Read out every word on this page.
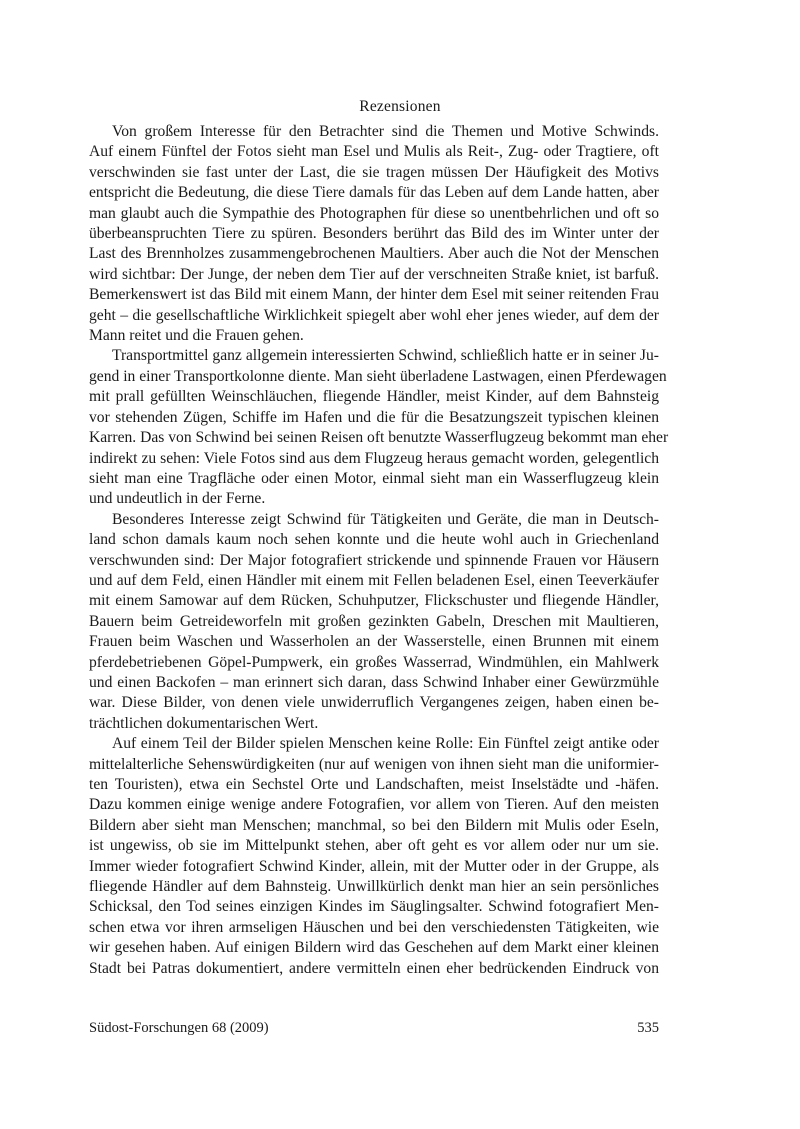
Rezensionen

Von großem Interesse für den Betrachter sind die Themen und Motive Schwinds.
Auf einem Fünftel der Fotos sieht man Esel und Mulis als Reit-, Zug- oder Tragtiere, oft
verschwinden sie fast unter der Last, die sie tragen müssen Der Häufigkeit des Motivs
entspricht die Bedeutung, die diese Tiere damals für das Leben auf dem Lande hatten, aber
man glaubt auch die Sympathie des Photographen für diese so unentbehrlichen und oft so
überbeanspruchten Tiere zu spüren. Besonders berührt das Bild des im Winter unter der
Last des Brennholzes zusammengebrochenen Maultiers. Aber auch die Not der Menschen
wird sichtbar: Der Junge, der neben dem Tier auf der verschneiten Straße kniet, ist barfuß.
Bemerkenswert ist das Bild mit einem Mann, der hinter dem Esel mit seiner reitenden Frau
geht – die gesellschaftliche Wirklichkeit spiegelt aber wohl eher jenes wieder, auf dem der
Mann reitet und die Frauen gehen.

Transportmittel ganz allgemein interessierten Schwind, schließlich hatte er in seiner Ju-
gend in einer Transportkolonne diente. Man sieht überladene Lastwagen, einen Pferdewagen
mit prall gefüllten Weinschläuchen, fliegende Händler, meist Kinder, auf dem Bahnsteig
vor stehenden Zügen, Schiffe im Hafen und die für die Besatzungszeit typischen kleinen
Karren. Das von Schwind bei seinen Reisen oft benutzte Wasserflugzeug bekommt man eher
indirekt zu sehen: Viele Fotos sind aus dem Flugzeug heraus gemacht worden, gelegentlich
sieht man eine Tragfläche oder einen Motor, einmal sieht man ein Wasserflugzeug klein
und undeutlich in der Ferne.

Besonderes Interesse zeigt Schwind für Tätigkeiten und Geräte, die man in Deutsch-
land schon damals kaum noch sehen konnte und die heute wohl auch in Griechenland
verschwunden sind: Der Major fotografiert strickende und spinnende Frauen vor Häusern
und auf dem Feld, einen Händler mit einem mit Fellen beladenen Esel, einen Teeverkäufer
mit einem Samowar auf dem Rücken, Schuhputzer, Flickschuster und fliegende Händler,
Bauern beim Getreideworfeln mit großen gezinkten Gabeln, Dreschen mit Maultieren,
Frauen beim Waschen und Wasserholen an der Wasserstelle, einen Brunnen mit einem
pferdebetriebenen Göpel-Pumpwerk, ein großes Wasserrad, Windmühlen, ein Mahlwerk
und einen Backofen – man erinnert sich daran, dass Schwind Inhaber einer Gewürzmühle
war. Diese Bilder, von denen viele unwiderruflich Vergangenes zeigen, haben einen be-
trächtlichen dokumentarischen Wert.

Auf einem Teil der Bilder spielen Menschen keine Rolle: Ein Fünftel zeigt antike oder
mittelalterliche Sehenswürdigkeiten (nur auf wenigen von ihnen sieht man die uniformier-
ten Touristen), etwa ein Sechstel Orte und Landschaften, meist Inselstädte und -häfen.
Dazu kommen einige wenige andere Fotografien, vor allem von Tieren. Auf den meisten
Bildern aber sieht man Menschen; manchmal, so bei den Bildern mit Mulis oder Eseln,
ist ungewiss, ob sie im Mittelpunkt stehen, aber oft geht es vor allem oder nur um sie.
Immer wieder fotografiert Schwind Kinder, allein, mit der Mutter oder in der Gruppe, als
fliegende Händler auf dem Bahnsteig. Unwillkürlich denkt man hier an sein persönliches
Schicksal, den Tod seines einzigen Kindes im Säuglingsalter. Schwind fotografiert Men-
schen etwa vor ihren armseligen Häuschen und bei den verschiedensten Tätigkeiten, wie
wir gesehen haben. Auf einigen Bildern wird das Geschehen auf dem Markt einer kleinen
Stadt bei Patras dokumentiert, andere vermitteln einen eher bedrückenden Eindruck von

Südost-Forschungen 68 (2009)	535
